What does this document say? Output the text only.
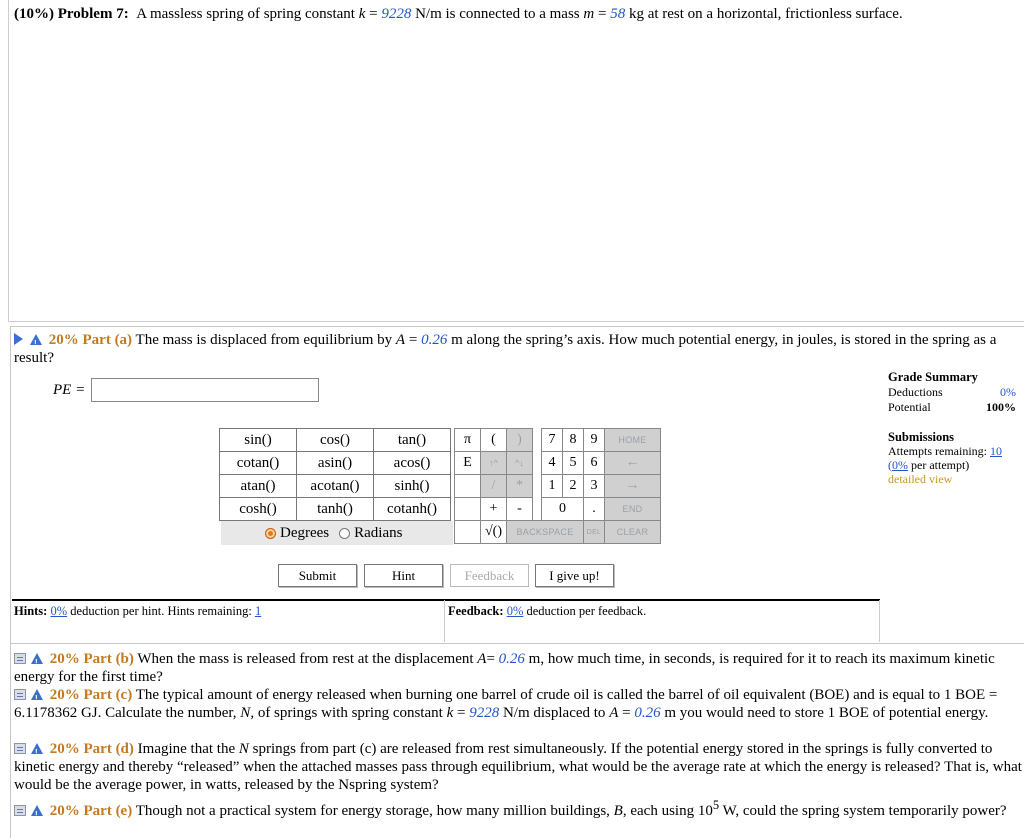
(10%) Problem 7: A massless spring of spring constant k = 9228 N/m is connected to a mass m = 58 kg at rest on a horizontal, frictionless surface.
! 20% Part (a) The mass is displaced from equilibrium by A = 0.26 m along the spring’s axis. How much potential energy, in joules, is stored in the spring as a result?
PE =
Grade Summary
Deductions	0%
Potential	100%
Submissions
Attempts remaining: 10
(0% per attempt)
detailed view
sin()	cos()	tan()
cotan()	asin()	acos()
atan()	acotan()	sinh()
cosh()	tanh()	cotanh()
Degrees Radians
π	(	)		7	8	9	HOME
E	↑^	^↓		4	5	6	←
	/	*		1	2	3	→
	+	-		0		.	END
	√()	BACKSPACE				DEL	CLEAR
Submit	Hint	Feedback	I give up!
Hints: 0% deduction per hint. Hints remaining: 1	Feedback: 0% deduction per feedback.
! 20% Part (b) When the mass is released from rest at the displacement A= 0.26 m, how much time, in seconds, is required for it to reach its maximum kinetic energy for the first time?
! 20% Part (c) The typical amount of energy released when burning one barrel of crude oil is called the barrel of oil equivalent (BOE) and is equal to 1 BOE = 6.1178362 GJ. Calculate the number, N, of springs with spring constant k = 9228 N/m displaced to A = 0.26 m you would need to store 1 BOE of potential energy.
! 20% Part (d) Imagine that the N springs from part (c) are released from rest simultaneously. If the potential energy stored in the springs is fully converted to kinetic energy and thereby “released” when the attached masses pass through equilibrium, what would be the average rate at which the energy is released? That is, what would be the average power, in watts, released by the Nspring system?
! 20% Part (e) Though not a practical system for energy storage, how many million buildings, B, each using $10^5$ W, could the spring system temporarily power?
